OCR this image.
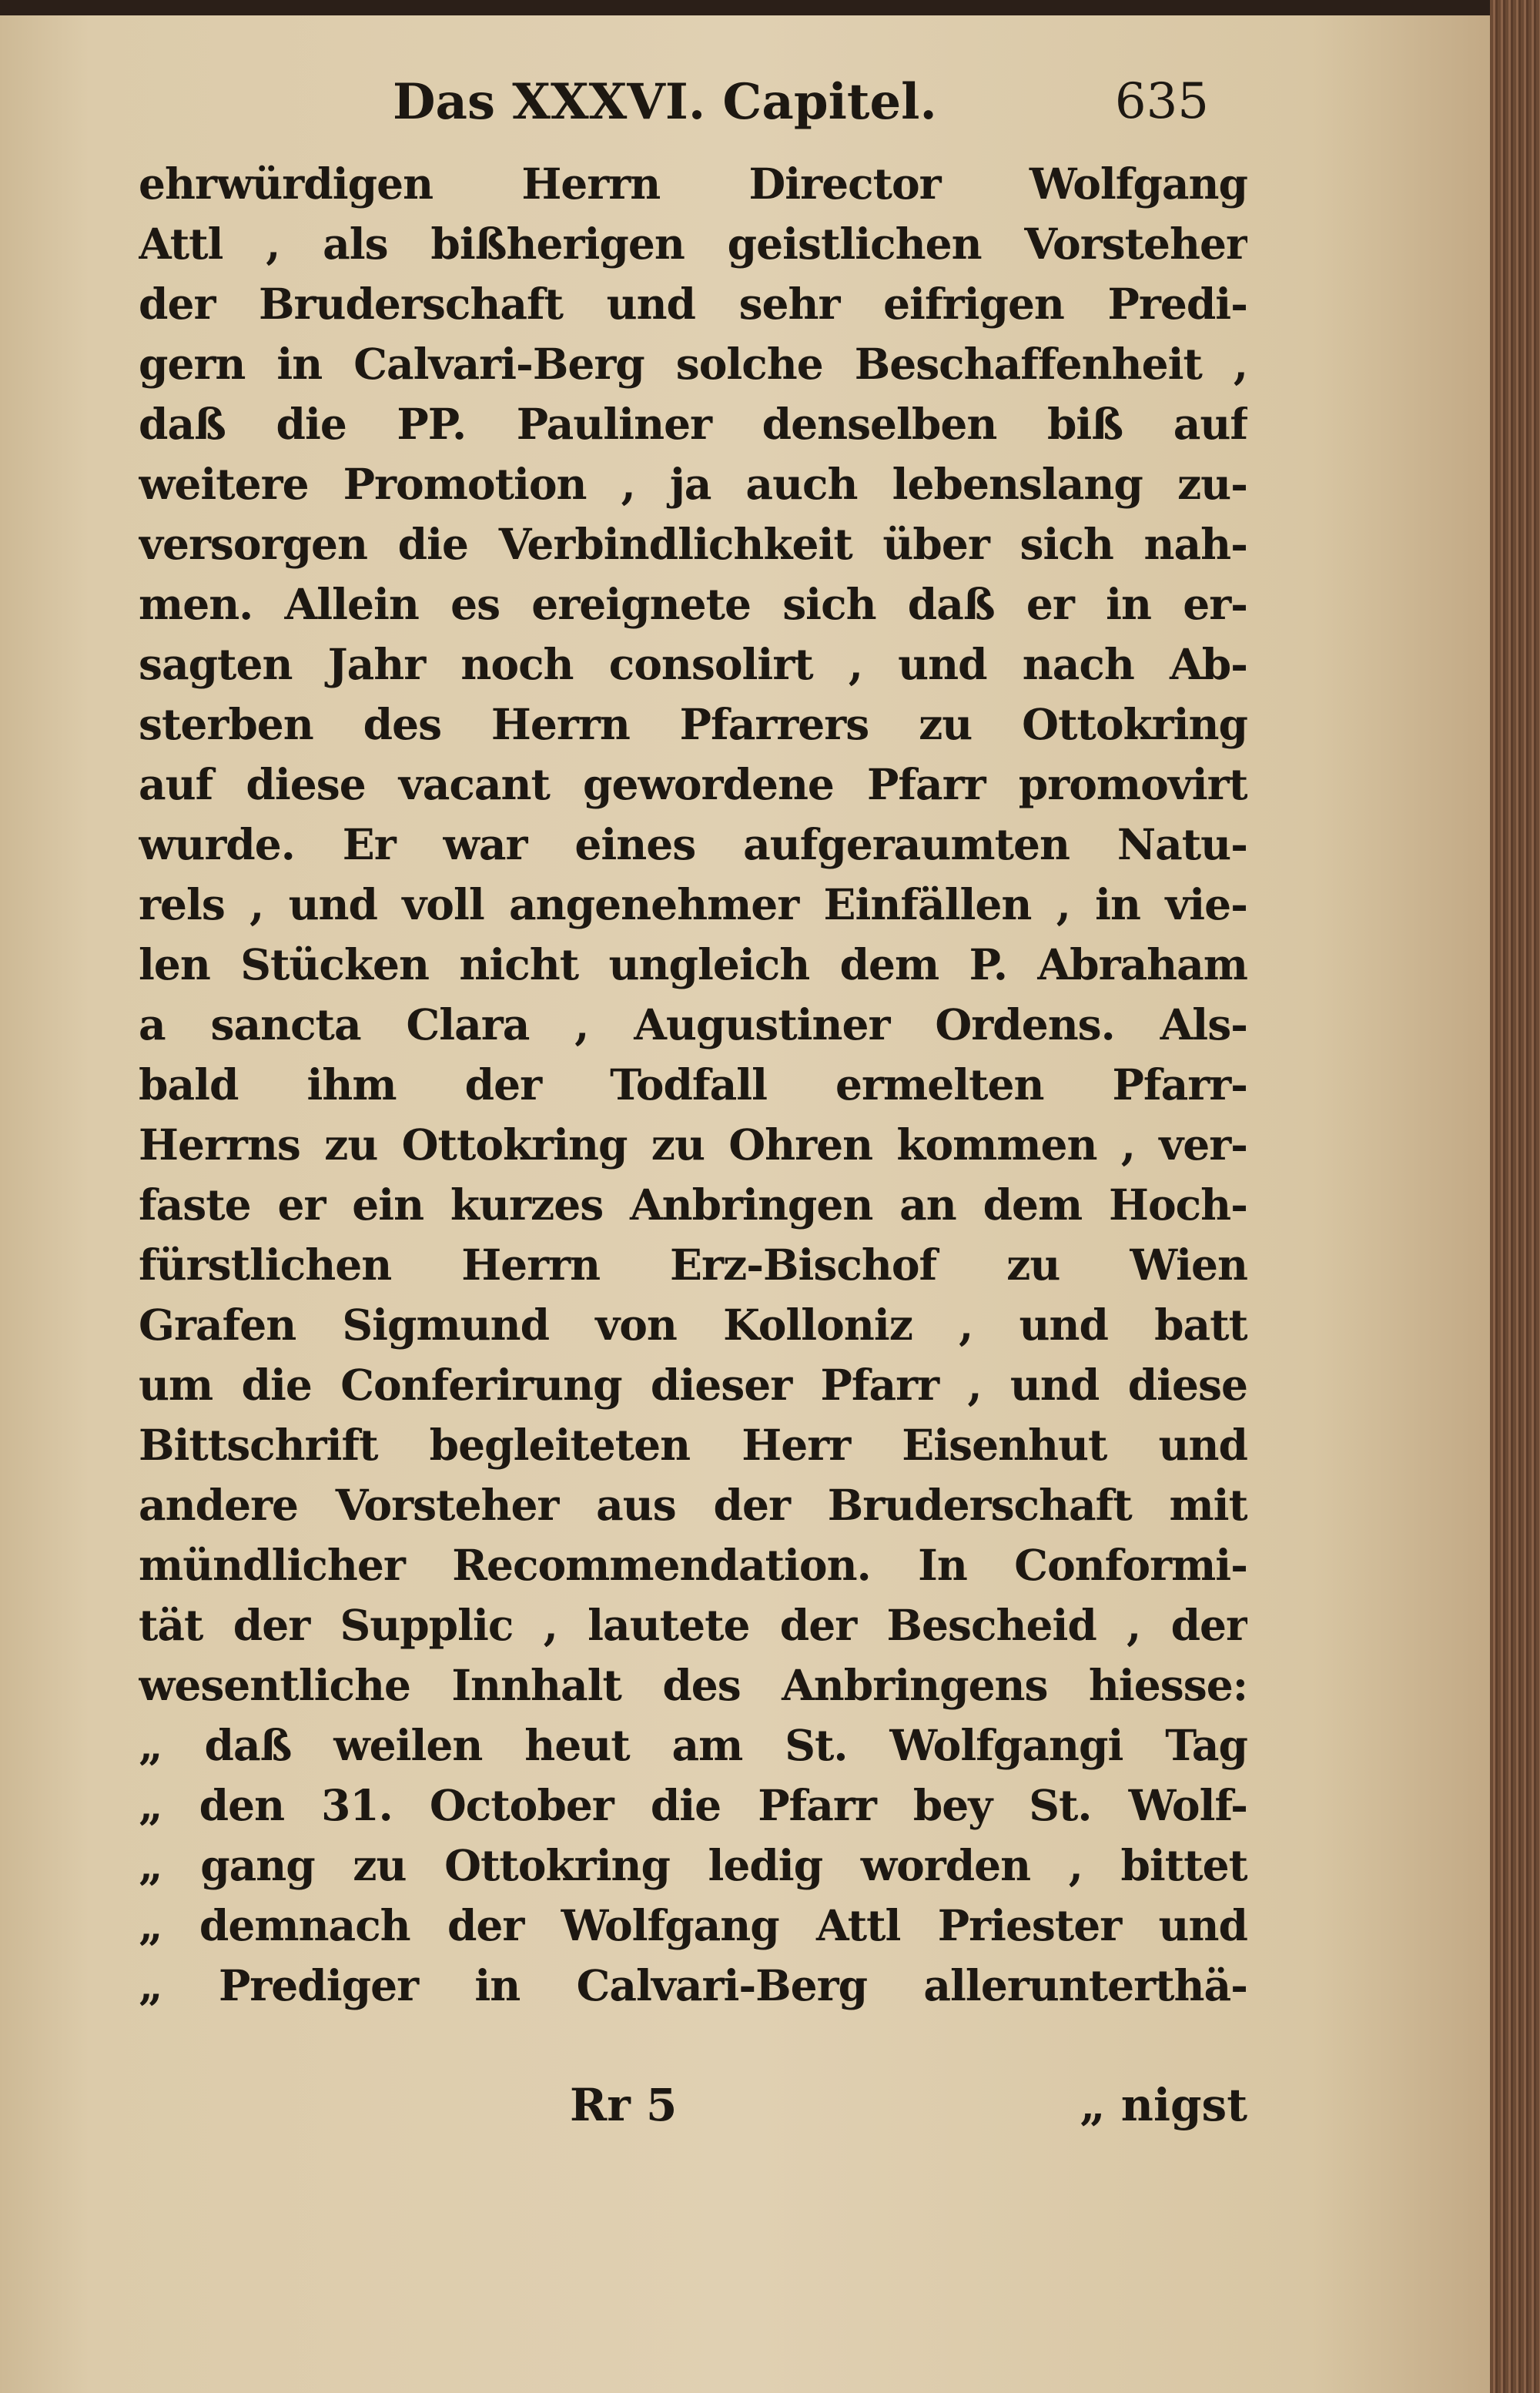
Das XXXVI. Capitel.	635
ehrwürdigen Herrn Director Wolfgang
Attl , als bißherigen geistlichen Vorsteher
der Bruderschaft und sehr eifrigen Predi-
gern in Calvari-Berg solche Beschaffenheit ,
daß die PP. Pauliner denselben biß auf
weitere Promotion , ja auch lebenslang zu-
versorgen die Verbindlichkeit über sich nah-
men. Allein es ereignete sich daß er in er-
sagten Jahr noch consolirt , und nach Ab-
sterben des Herrn Pfarrers zu Ottokring
auf diese vacant gewordene Pfarr promovirt
wurde. Er war eines aufgeraumten Natu-
rels , und voll angenehmer Einfällen , in vie-
len Stücken nicht ungleich dem P. Abraham
a sancta Clara , Augustiner Ordens. Als-
bald ihm der Todfall ermelten Pfarr-
Herrns zu Ottokring zu Ohren kommen , ver-
faste er ein kurzes Anbringen an dem Hoch-
fürstlichen Herrn Erz-Bischof zu Wien
Grafen Sigmund von Kolloniz , und batt
um die Conferirung dieser Pfarr , und diese
Bittschrift begleiteten Herr Eisenhut und
andere Vorsteher aus der Bruderschaft mit
mündlicher Recommendation. In Conformi-
tät der Supplic , lautete der Bescheid , der
wesentliche Innhalt des Anbringens hiesse:
„ daß weilen heut am St. Wolfgangi Tag
„ den 31. October die Pfarr bey St. Wolf-
„ gang zu Ottokring ledig worden , bittet
„ demnach der Wolfgang Attl Priester und
„ Prediger in Calvari-Berg allerunterthä-
Rr 5	„ nigst
